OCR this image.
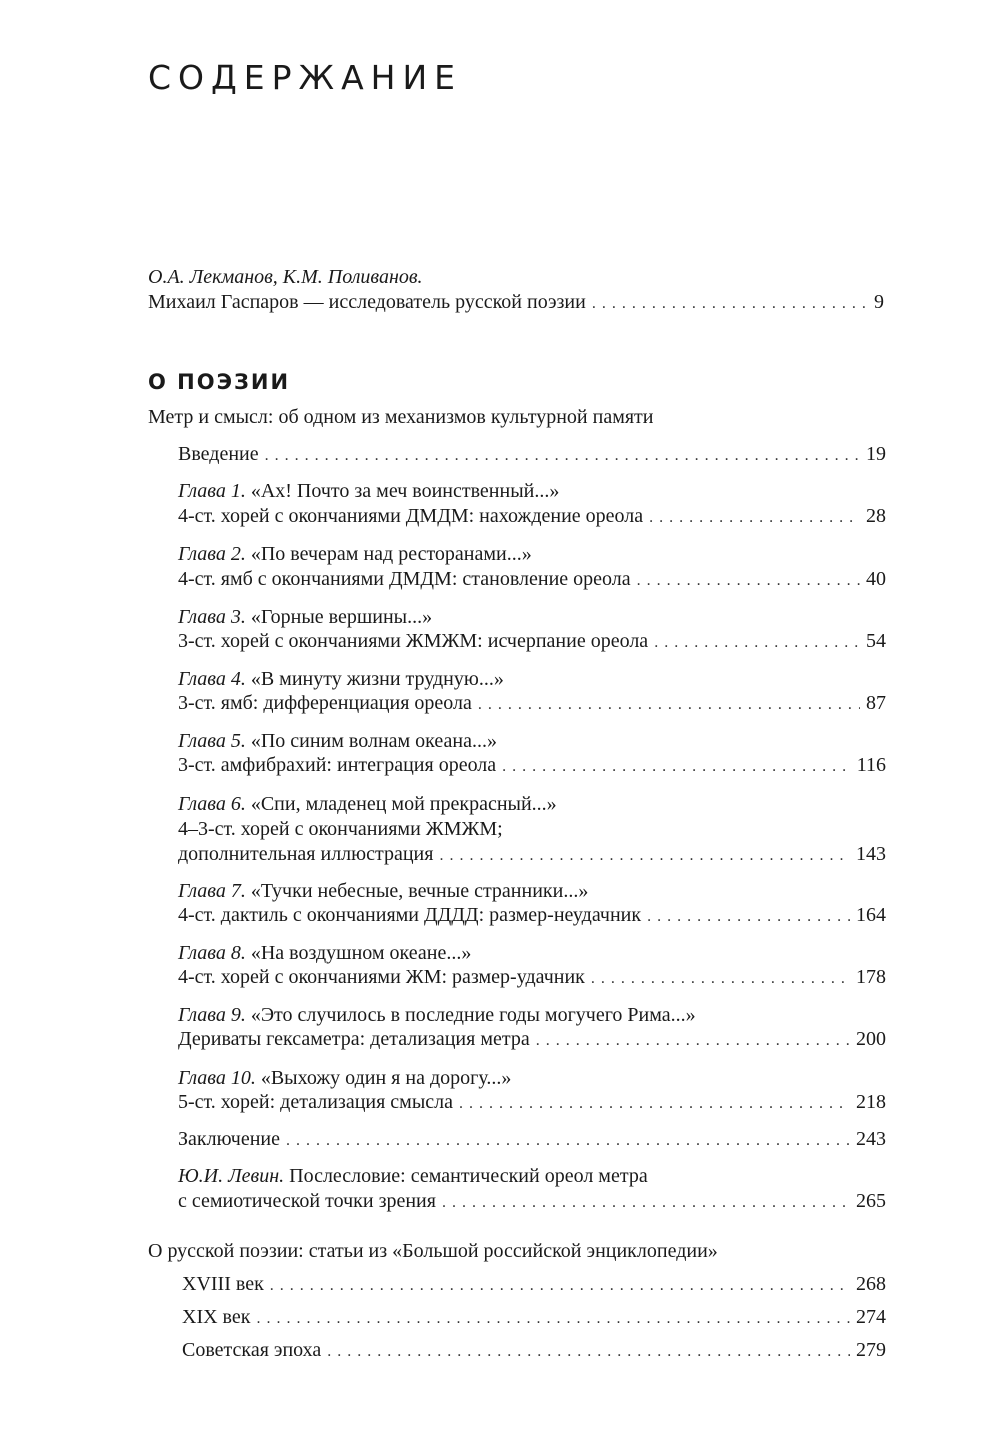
СОДЕРЖАНИЕ

О.А. Лекманов, К.М. Поливанов.

Михаил Гаспаров — исследователь русской поэзии . . .	9
О ПОЭЗИИ

Метр и смысл: об одном из механизмов культурной памяти

Введение . . .	19
Глава 1. «Ах! Почто за меч воинственный...»
4-ст. хорей с окончаниями ДМДМ: нахождение ореола . . .	28
Глава 2. «По вечерам над ресторанами...»
4-ст. ямб с окончаниями ДМДМ: становление ореола . . .	40
Глава 3. «Горные вершины...»
3-ст. хорей с окончаниями ЖМЖМ: исчерпание ореола . . .	54
Глава 4. «В минуту жизни трудную...»
3-ст. ямб: дифференциация ореола . . .	87
Глава 5. «По синим волнам океана...»
3-ст. амфибрахий: интеграция ореола . . .	116
Глава 6. «Спи, младенец мой прекрасный...»
4–3-ст. хорей с окончаниями ЖМЖМ;
дополнительная иллюстрация . . .	143
Глава 7. «Тучки небесные, вечные странники...»
4-ст. дактиль с окончаниями ДДДД: размер-неудачник . . .	164
Глава 8. «На воздушном океане...»
4-ст. хорей с окончаниями ЖМ: размер-удачник . . .	178
Глава 9. «Это случилось в последние годы могучего Рима...»
Дериваты гексаметра: детализация метра . . .	200
Глава 10. «Выхожу один я на дорогу...»
5-ст. хорей: детализация смысла . . .	218
Заключение . . .	243
Ю.И. Левин. Послесловие: семантический ореол метра
с семиотической точки зрения . . .	265

О русской поэзии: статьи из «Большой российской энциклопедии»

XVIII век . . .	268
XIX век . . .	274
Советская эпоха . . .	279
